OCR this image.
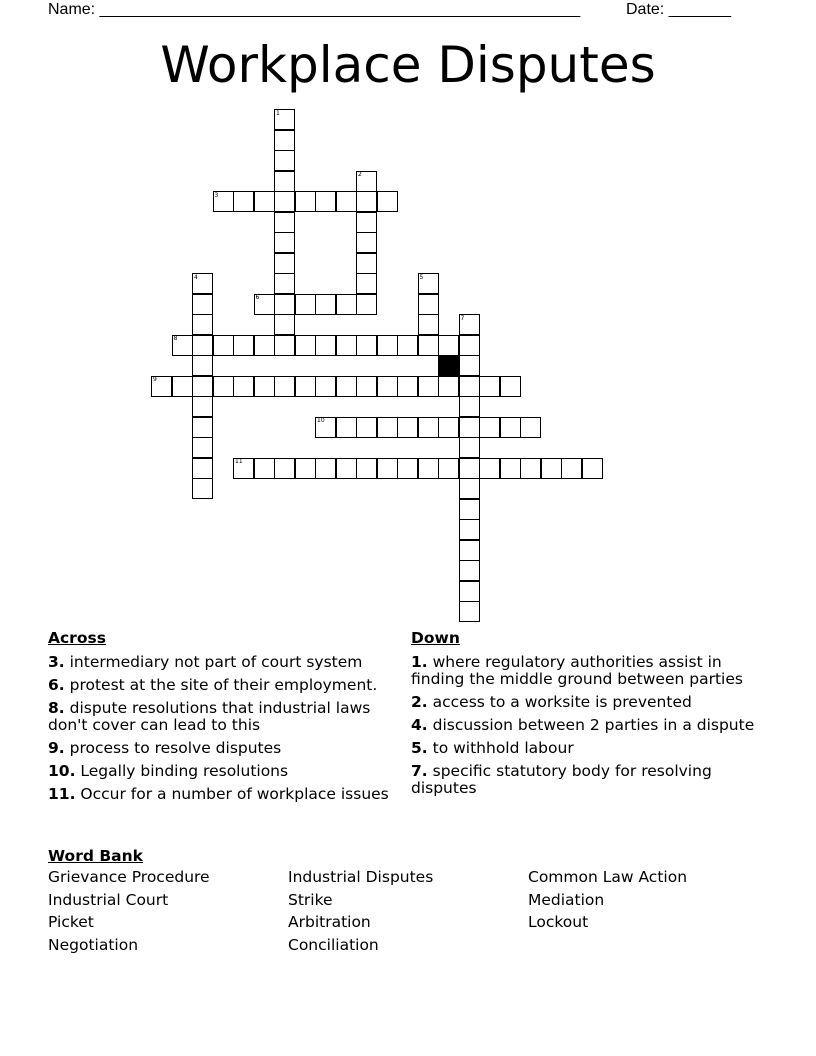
Name: ______________________________________________________	Date: _______
Workplace Disputes
1
2
3
4	5
6
7
8
9
10
11
Across
3. intermediary not part of court system
6. protest at the site of their employment.
8. dispute resolutions that industrial laws don't cover can lead to this
9. process to resolve disputes
10. Legally binding resolutions
11. Occur for a number of workplace issues
Down
1. where regulatory authorities assist in finding the middle ground between parties
2. access to a worksite is prevented
4. discussion between 2 parties in a dispute
5. to withhold labour
7. specific statutory body for resolving disputes
Word Bank
Grievance Procedure	Industrial Disputes	Common Law Action
Industrial Court	Strike	Mediation
Picket	Arbitration	Lockout
Negotiation	Conciliation
